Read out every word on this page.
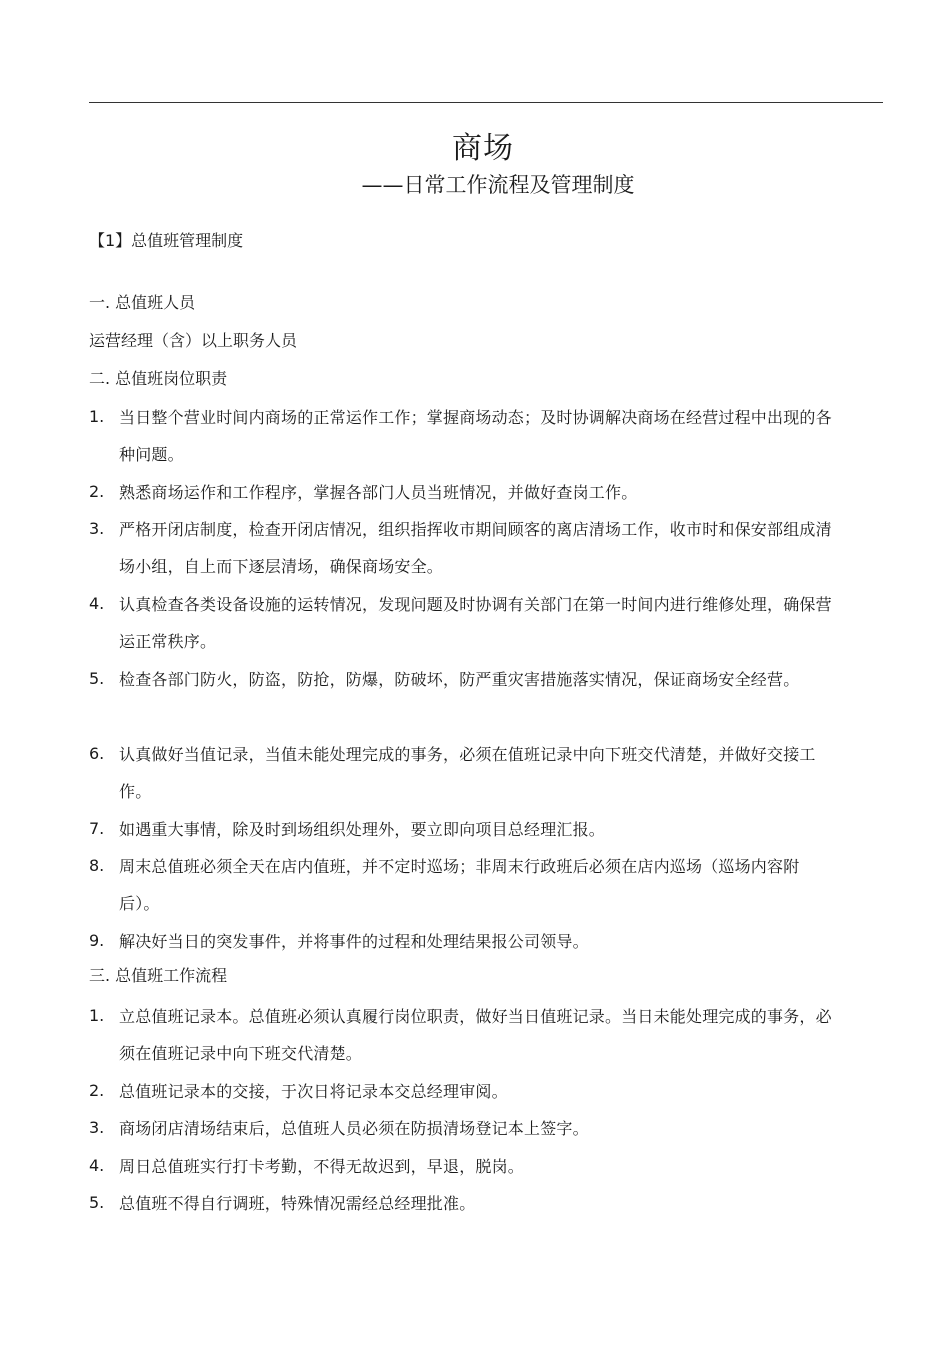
商场
——日常工作流程及管理制度
【1】总值班管理制度
一. 总值班人员
运营经理（含）以上职务人员
二. 总值班岗位职责
1. 当日整个营业时间内商场的正常运作工作；掌握商场动态；及时协调解决商场在经营过程中出现的各种问题。
2. 熟悉商场运作和工作程序，掌握各部门人员当班情况，并做好查岗工作。
3. 严格开闭店制度，检查开闭店情况，组织指挥收市期间顾客的离店清场工作，收市时和保安部组成清场小组，自上而下逐层清场，确保商场安全。
4. 认真检查各类设备设施的运转情况，发现问题及时协调有关部门在第一时间内进行维修处理，确保营运正常秩序。
5. 检查各部门防火，防盗，防抢，防爆，防破坏，防严重灾害措施落实情况，保证商场安全经营。
6. 认真做好当值记录，当值未能处理完成的事务，必须在值班记录中向下班交代清楚，并做好交接工作。
7. 如遇重大事情，除及时到场组织处理外，要立即向项目总经理汇报。
8. 周末总值班必须全天在店内值班，并不定时巡场；非周末行政班后必须在店内巡场（巡场内容附后）。
9. 解决好当日的突发事件，并将事件的过程和处理结果报公司领导。
三. 总值班工作流程
1. 立总值班记录本。总值班必须认真履行岗位职责，做好当日值班记录。当日未能处理完成的事务，必须在值班记录中向下班交代清楚。
2. 总值班记录本的交接，于次日将记录本交总经理审阅。
3. 商场闭店清场结束后，总值班人员必须在防损清场登记本上签字。
4. 周日总值班实行打卡考勤，不得无故迟到，早退，脱岗。
5. 总值班不得自行调班，特殊情况需经总经理批准。
